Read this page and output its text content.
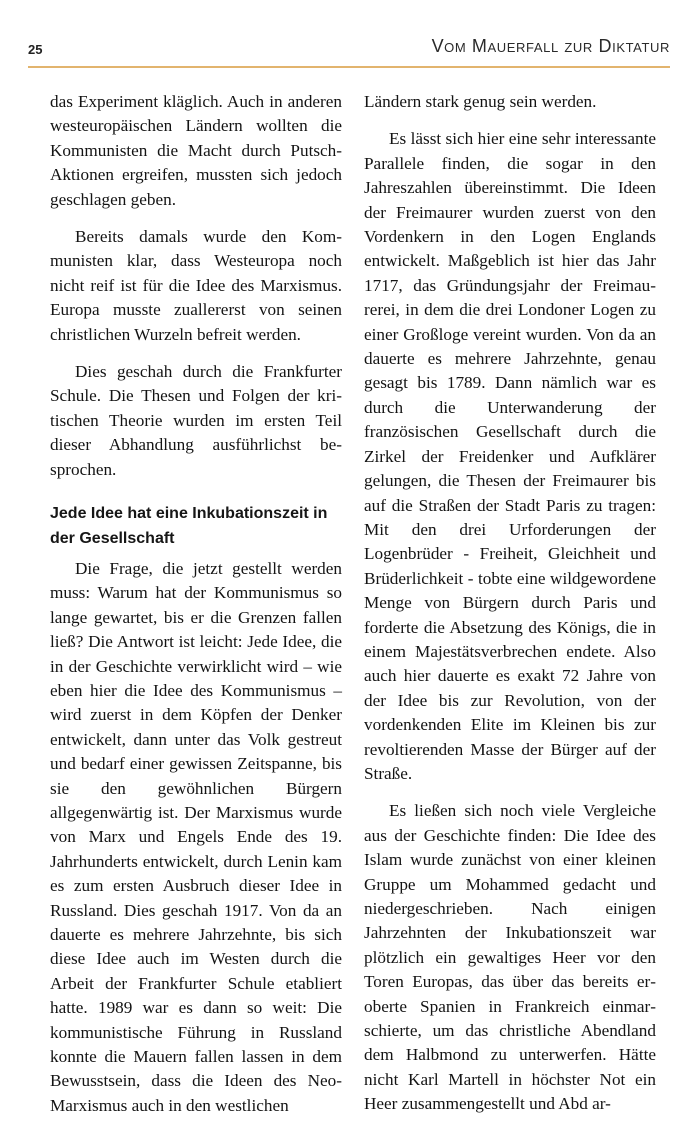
25	Vom Mauerfall zur Diktatur

das Experiment kläglich. Auch in anderen westeuropäischen Ländern wollten die Kommunisten die Macht durch Putsch-Aktionen ergreifen, mussten sich jedoch geschlagen geben.

Bereits damals wurde den Kommunisten klar, dass Westeuropa noch nicht reif ist für die Idee des Marxismus. Europa musste zuallererst von seinen christlichen Wurzeln befreit werden.

Dies geschah durch die Frankfurter Schule. Die Thesen und Folgen der kritischen Theorie wurden im ersten Teil dieser Abhandlung ausführlichst besprochen.

Jede Idee hat eine Inkubationszeit in der Gesellschaft

Die Frage, die jetzt gestellt werden muss: Warum hat der Kommunismus so lange gewartet, bis er die Grenzen fallen ließ? Die Antwort ist leicht: Jede Idee, die in der Geschichte verwirklicht wird – wie eben hier die Idee des Kommunismus – wird zuerst in dem Köpfen der Denker entwickelt, dann unter das Volk gestreut und bedarf einer gewissen Zeitspanne, bis sie den gewöhnlichen Bürgern allgegenwärtig ist. Der Marxismus wurde von Marx und Engels Ende des 19. Jahrhunderts entwickelt, durch Lenin kam es zum ersten Ausbruch dieser Idee in Russland. Dies geschah 1917. Von da an dauerte es mehrere Jahrzehnte, bis sich diese Idee auch im Westen durch die Arbeit der Frankfurter Schule etabliert hatte. 1989 war es dann so weit: Die kommunistische Führung in Russland konnte die Mauern fallen lassen in dem Bewusstsein, dass die Ideen des Neo-Marxismus auch in den westlichen

Ländern stark genug sein werden.

Es lässt sich hier eine sehr interessante Parallele finden, die sogar in den Jahreszahlen übereinstimmt. Die Ideen der Freimaurer wurden zuerst von den Vordenkern in den Logen Englands entwickelt. Maßgeblich ist hier das Jahr 1717, das Gründungsjahr der Freimaurerei, in dem die drei Londoner Logen zu einer Großloge vereint wurden. Von da an dauerte es mehrere Jahrzehnte, genau gesagt bis 1789. Dann nämlich war es durch die Unterwanderung der französischen Gesellschaft durch die Zirkel der Freidenker und Aufklärer gelungen, die Thesen der Freimaurer bis auf die Straßen der Stadt Paris zu tragen: Mit den drei Urforderungen der Logenbrüder - Freiheit, Gleichheit und Brüderlichkeit - tobte eine wildgewordene Menge von Bürgern durch Paris und forderte die Absetzung des Königs, die in einem Majestätsverbrechen endete. Also auch hier dauerte es exakt 72 Jahre von der Idee bis zur Revolution, von der vordenkenden Elite im Kleinen bis zur revoltierenden Masse der Bürger auf der Straße.

Es ließen sich noch viele Vergleiche aus der Geschichte finden: Die Idee des Islam wurde zunächst von einer kleinen Gruppe um Mohammed gedacht und niedergeschrieben. Nach einigen Jahrzehnten der Inkubationszeit war plötzlich ein gewaltiges Heer vor den Toren Europas, das über das bereits eroberte Spanien in Frankreich einmarschierte, um das christliche Abendland dem Halbmond zu unterwerfen. Hätte nicht Karl Martell in höchster Not ein Heer zusammengestellt und Abd ar-
